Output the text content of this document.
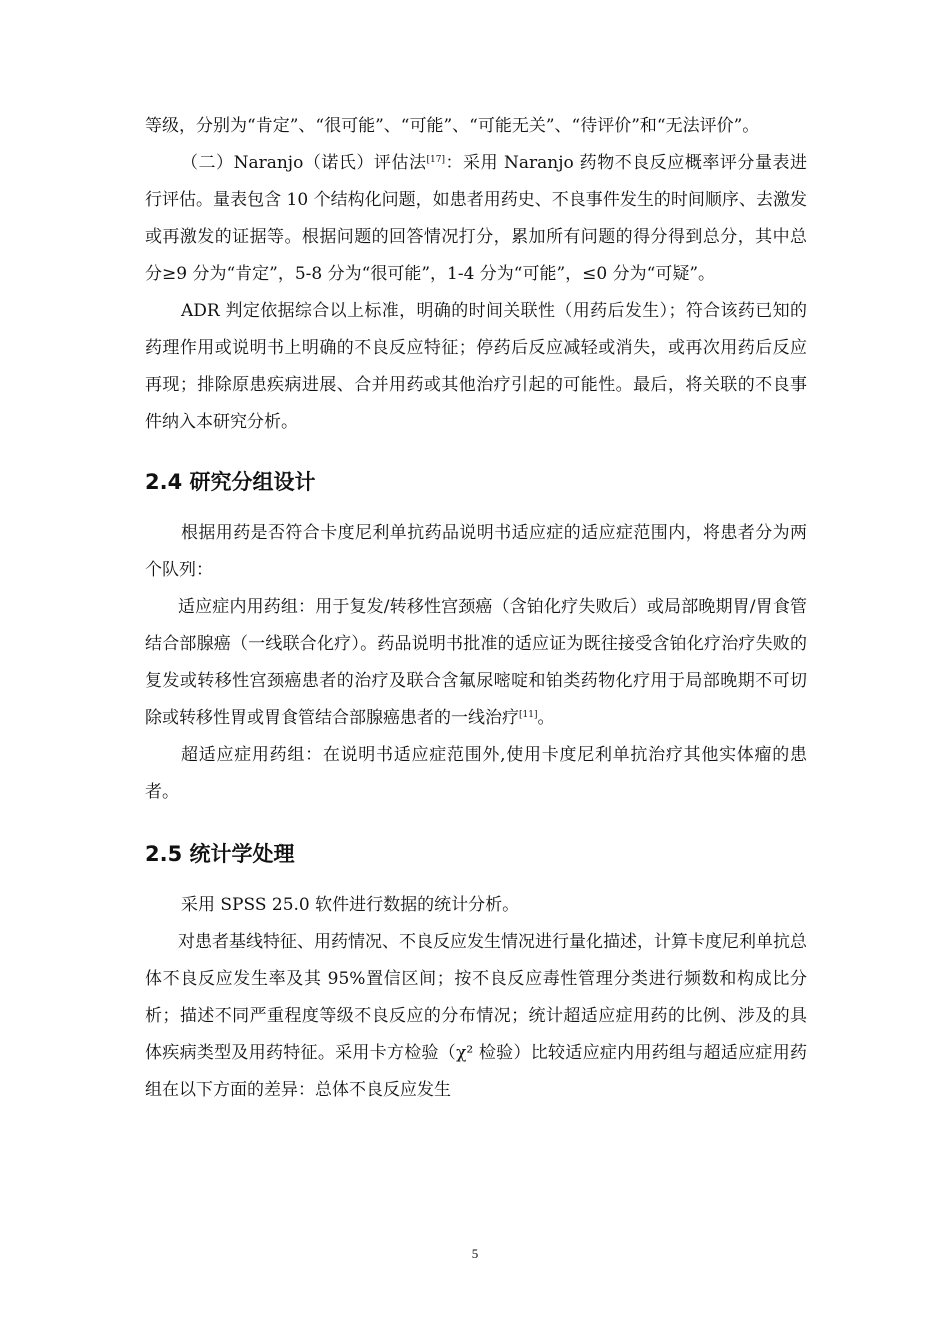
等级，分别为“肯定”、“很可能”、“可能”、“可能无关”、“待评价”和“无法评价”。

（二）Naranjo（诺氏）评估法[17]：采用 Naranjo 药物不良反应概率评分量表进行评估。量表包含 10 个结构化问题，如患者用药史、不良事件发生的时间顺序、去激发或再激发的证据等。根据问题的回答情况打分，累加所有问题的得分得到总分，其中总分≥9 分为“肯定”，5-8 分为“很可能”，1-4 分为“可能”，≤0 分为“可疑”。

ADR 判定依据综合以上标准，明确的时间关联性（用药后发生）；符合该药已知的药理作用或说明书上明确的不良反应特征；停药后反应减轻或消失，或再次用药后反应再现；排除原患疾病进展、合并用药或其他治疗引起的可能性。最后，将关联的不良事件纳入本研究分析。

2.4 研究分组设计

根据用药是否符合卡度尼利单抗药品说明书适应症的适应症范围内，将患者分为两个队列：

适应症内用药组：用于复发/转移性宫颈癌（含铂化疗失败后）或局部晚期胃/胃食管结合部腺癌（一线联合化疗）。药品说明书批准的适应证为既往接受含铂化疗治疗失败的复发或转移性宫颈癌患者的治疗及联合含氟尿嘧啶和铂类药物化疗用于局部晚期不可切除或转移性胃或胃食管结合部腺癌患者的一线治疗[11]。

超适应症用药组：在说明书适应症范围外,使用卡度尼利单抗治疗其他实体瘤的患者。

2.5 统计学处理

采用 SPSS 25.0 软件进行数据的统计分析。

对患者基线特征、用药情况、不良反应发生情况进行量化描述，计算卡度尼利单抗总体不良反应发生率及其 95%置信区间；按不良反应毒性管理分类进行频数和构成比分析；描述不同严重程度等级不良反应的分布情况；统计超适应症用药的比例、涉及的具体疾病类型及用药特征。采用卡方检验（χ² 检验）比较适应症内用药组与超适应症用药组在以下方面的差异：总体不良反应发生

5
